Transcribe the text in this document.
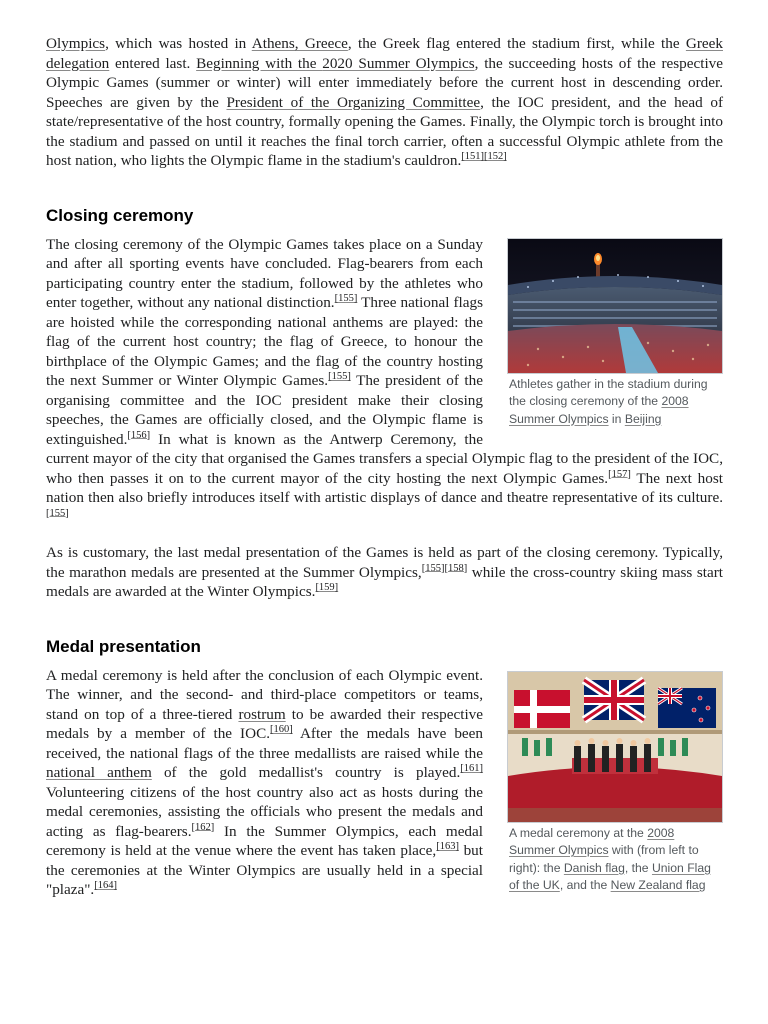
Olympics, which was hosted in Athens, Greece, the Greek flag entered the stadium first, while the Greek delegation entered last. Beginning with the 2020 Summer Olympics, the succeeding hosts of the respective Olympic Games (summer or winter) will enter immediately before the current host in descending order. Speeches are given by the President of the Organizing Committee, the IOC president, and the head of state/representative of the host country, formally opening the Games. Finally, the Olympic torch is brought into the stadium and passed on until it reaches the final torch carrier, often a successful Olympic athlete from the host nation, who lights the Olympic flame in the stadium's cauldron.[151][152]

Closing ceremony
Athletes gather in the stadium during the closing ceremony of the 2008 Summer Olympics in Beijing

The closing ceremony of the Olympic Games takes place on a Sunday and after all sporting events have concluded. Flag-bearers from each participating country enter the stadium, followed by the athletes who enter together, without any national distinction.[155] Three national flags are hoisted while the corresponding national anthems are played: the flag of the current host country; the flag of Greece, to honour the birthplace of the Olympic Games; and the flag of the country hosting the next Summer or Winter Olympic Games.[155] The president of the organising committee and the IOC president make their closing speeches, the Games are officially closed, and the Olympic flame is extinguished.[156] In what is known as the Antwerp Ceremony, the current mayor of the city that organised the Games transfers a special Olympic flag to the president of the IOC, who then passes it on to the current mayor of the city hosting the next Olympic Games.[157] The next host nation then also briefly introduces itself with artistic displays of dance and theatre representative of its culture.[155]

As is customary, the last medal presentation of the Games is held as part of the closing ceremony. Typically, the marathon medals are presented at the Summer Olympics,[155][158] while the cross-country skiing mass start medals are awarded at the Winter Olympics.[159]

Medal presentation
A medal ceremony at the 2008 Summer Olympics with (from left to right): the Danish flag, the Union Flag of the UK, and the New Zealand flag

A medal ceremony is held after the conclusion of each Olympic event. The winner, and the second- and third-place competitors or teams, stand on top of a three-tiered rostrum to be awarded their respective medals by a member of the IOC.[160] After the medals have been received, the national flags of the three medallists are raised while the national anthem of the gold medallist's country is played.[161] Volunteering citizens of the host country also act as hosts during the medal ceremonies, assisting the officials who present the medals and acting as flag-bearers.[162] In the Summer Olympics, each medal ceremony is held at the venue where the event has taken place,[163] but the ceremonies at the Winter Olympics are usually held in a special "plaza".[164]
